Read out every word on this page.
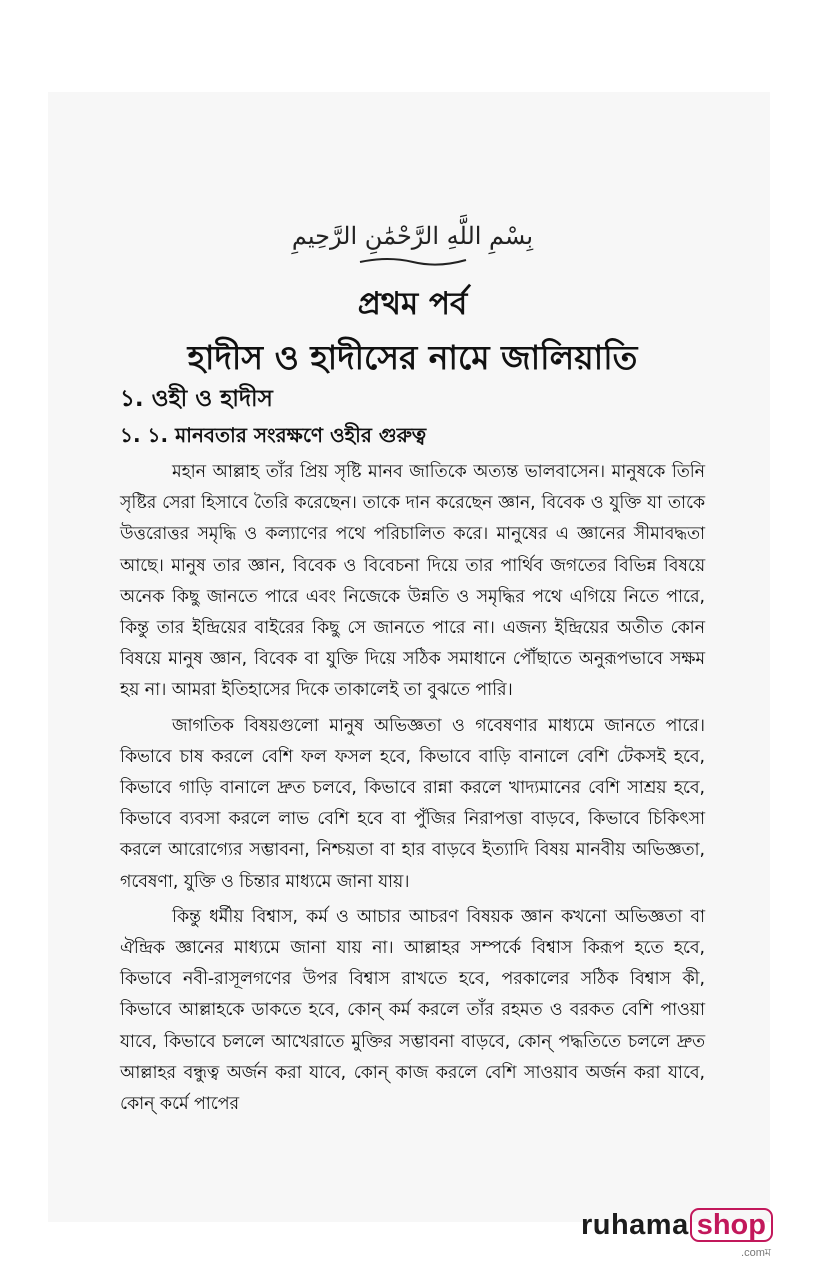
بِسْمِ اللَّهِ الرَّحْمَٰنِ الرَّحِيمِ
প্রথম পর্ব
হাদীস ও হাদীসের নামে জালিয়াতি
১. ওহী ও হাদীস
১. ১. মানবতার সংরক্ষণে ওহীর গুরুত্ব

মহান আল্লাহ তাঁর প্রিয় সৃষ্টি মানব জাতিকে অত্যন্ত ভালবাসেন। মানুষকে তিনি সৃষ্টির সেরা হিসাবে তৈরি করেছেন। তাকে দান করেছেন জ্ঞান, বিবেক ও যুক্তি যা তাকে উত্তরোত্তর সমৃদ্ধি ও কল্যাণের পথে পরিচালিত করে। মানুষের এ জ্ঞানের সীমাবদ্ধতা আছে। মানুষ তার জ্ঞান, বিবেক ও বিবেচনা দিয়ে তার পার্থিব জগতের বিভিন্ন বিষয়ে অনেক কিছু জানতে পারে এবং নিজেকে উন্নতি ও সমৃদ্ধির পথে এগিয়ে নিতে পারে, কিন্তু তার ইন্দ্রিয়ের বাইরের কিছু সে জানতে পারে না। এজন্য ইন্দ্রিয়ের অতীত কোন বিষয়ে মানুষ জ্ঞান, বিবেক বা যুক্তি দিয়ে সঠিক সমাধানে পৌঁছাতে অনুরূপভাবে সক্ষম হয় না। আমরা ইতিহাসের দিকে তাকালেই তা বুঝতে পারি।

জাগতিক বিষয়গুলো মানুষ অভিজ্ঞতা ও গবেষণার মাধ্যমে জানতে পারে। কিভাবে চাষ করলে বেশি ফল ফসল হবে, কিভাবে বাড়ি বানালে বেশি টেকসই হবে, কিভাবে গাড়ি বানালে দ্রুত চলবে, কিভাবে রান্না করলে খাদ্যমানের বেশি সাশ্রয় হবে, কিভাবে ব্যবসা করলে লাভ বেশি হবে বা পুঁজির নিরাপত্তা বাড়বে, কিভাবে চিকিৎসা করলে আরোগ্যের সম্ভাবনা, নিশ্চয়তা বা হার বাড়বে ইত্যাদি বিষয় মানবীয় অভিজ্ঞতা, গবেষণা, যুক্তি ও চিন্তার মাধ্যমে জানা যায়।

কিন্তু ধর্মীয় বিশ্বাস, কর্ম ও আচার আচরণ বিষয়ক জ্ঞান কখনো অভিজ্ঞতা বা ঐন্দ্রিক জ্ঞানের মাধ্যমে জানা যায় না। আল্লাহর সম্পর্কে বিশ্বাস কিরূপ হতে হবে, কিভাবে নবী-রাসূলগণের উপর বিশ্বাস রাখতে হবে, পরকালের সঠিক বিশ্বাস কী, কিভাবে আল্লাহকে ডাকতে হবে, কোন্ কর্ম করলে তাঁর রহমত ও বরকত বেশি পাওয়া যাবে, কিভাবে চললে আখেরাতে মুক্তির সম্ভাবনা বাড়বে, কোন্ পদ্ধতিতে চললে দ্রুত আল্লাহর বন্ধুত্ব অর্জন করা যাবে, কোন্ কাজ করলে বেশি সাওয়াব অর্জন করা যাবে, কোন্ কর্মে পাপের

ruhama shop
.comম
